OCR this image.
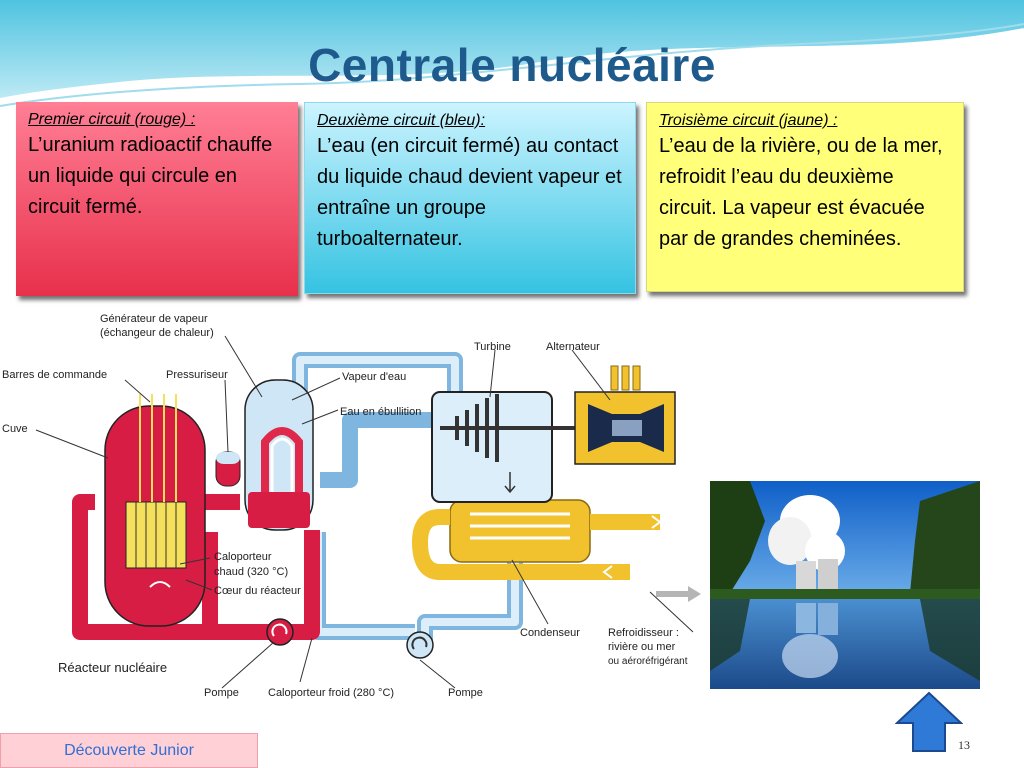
Centrale nucléaire
Premier circuit (rouge) :
L’uranium radioactif chauffe un liquide qui circule en circuit fermé.
Deuxième circuit (bleu):
L’eau (en circuit fermé) au contact du liquide chaud devient vapeur et entraîne un groupe turboalternateur.
Troisième circuit (jaune) :
L’eau de la rivière, ou de la mer, refroidit l’eau du deuxième circuit. La vapeur est évacuée par de grandes cheminées.
Générateur de vapeur
(échangeur de chaleur)
Barres de commande	Pressuriseur
Cuve
Vapeur d'eau
Eau en ébullition
Turbine	Alternateur
Caloporteur
chaud (320 °C)
Cœur du réacteur
Réacteur nucléaire
Pompe	Caloporteur froid (280 °C)	Pompe
Condenseur	Refroidisseur :
rivière ou mer
ou aéroréfrigérant
Découverte Junior	13
